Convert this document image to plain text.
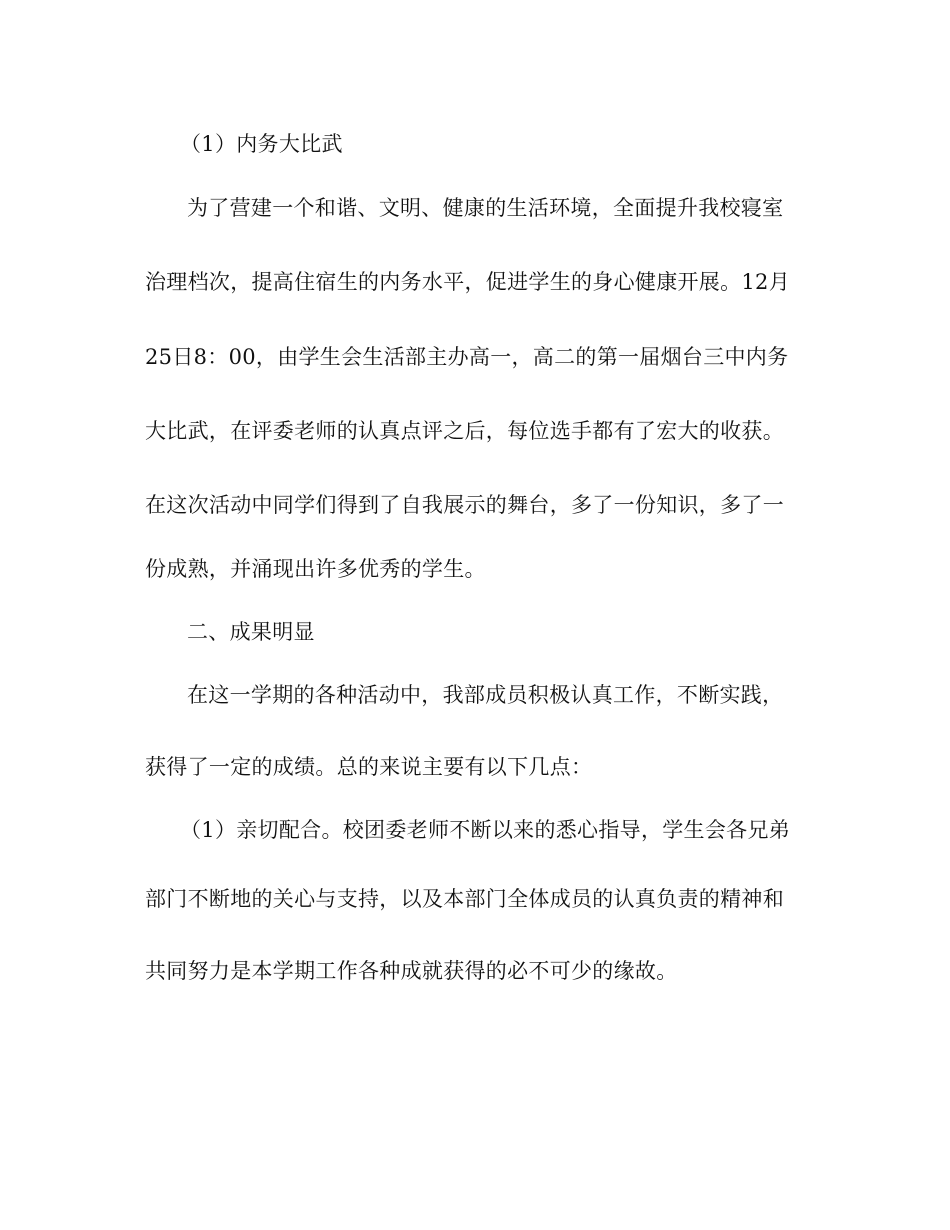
（1）内务大比武
为了营建一个和谐、文明、健康的生活环境，全面提升我校寝室
治理档次，提高住宿生的内务水平，促进学生的身心健康开展。12月
25日8：00，由学生会生活部主办高一，高二的第一届烟台三中内务
大比武，在评委老师的认真点评之后，每位选手都有了宏大的收获。
在这次活动中同学们得到了自我展示的舞台，多了一份知识，多了一
份成熟，并涌现出许多优秀的学生。
二、成果明显
在这一学期的各种活动中，我部成员积极认真工作，不断实践，
获得了一定的成绩。总的来说主要有以下几点：
（1）亲切配合。校团委老师不断以来的悉心指导，学生会各兄弟
部门不断地的关心与支持，以及本部门全体成员的认真负责的精神和
共同努力是本学期工作各种成就获得的必不可少的缘故。
